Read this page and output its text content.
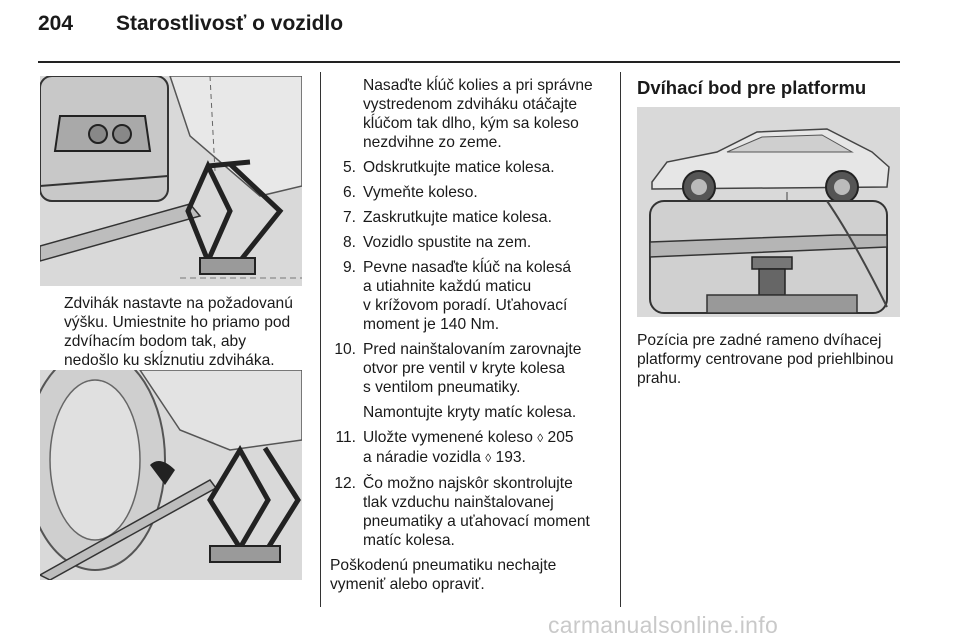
204 Starostlivosť o vozidlo
Zdvihák nastavte na požadovanú
výšku. Umiestnite ho priamo pod
zdvíhacím bodom tak, aby
nedošlo ku skĺznutiu zdviháka.
Nasaďte kĺúč kolies a pri správne
vystredenom zdviháku otáčajte
kĺúčom tak dlho, kým sa koleso
nezdvihne zo zeme.
5. Odskrutkujte matice kolesa.
6. Vymeňte koleso.
7. Zaskrutkujte matice kolesa.
8. Vozidlo spustite na zem.
9. Pevne nasaďte kĺúč na kolesá
a utiahnite každú maticu
v krížovom poradí. Uťahovací
moment je 140 Nm.
10. Pred nainštalovaním zarovnajte
otvor pre ventil v kryte kolesa
s ventilom pneumatiky.
Namontujte kryty matíc kolesa.
11. Uložte vymenené koleso ◊ 205
a náradie vozidla ◊ 193.
12. Čo možno najskôr skontrolujte
tlak vzduchu nainštalovanej
pneumatiky a uťahovací moment
matíc kolesa.
Poškodenú pneumatiku nechajte
vymeniť alebo opraviť.
Dvíhací bod pre platformu
Pozícia pre zadné rameno dvíhacej
platformy centrovane pod priehlbinou
prahu.
carmanualsonline.info
